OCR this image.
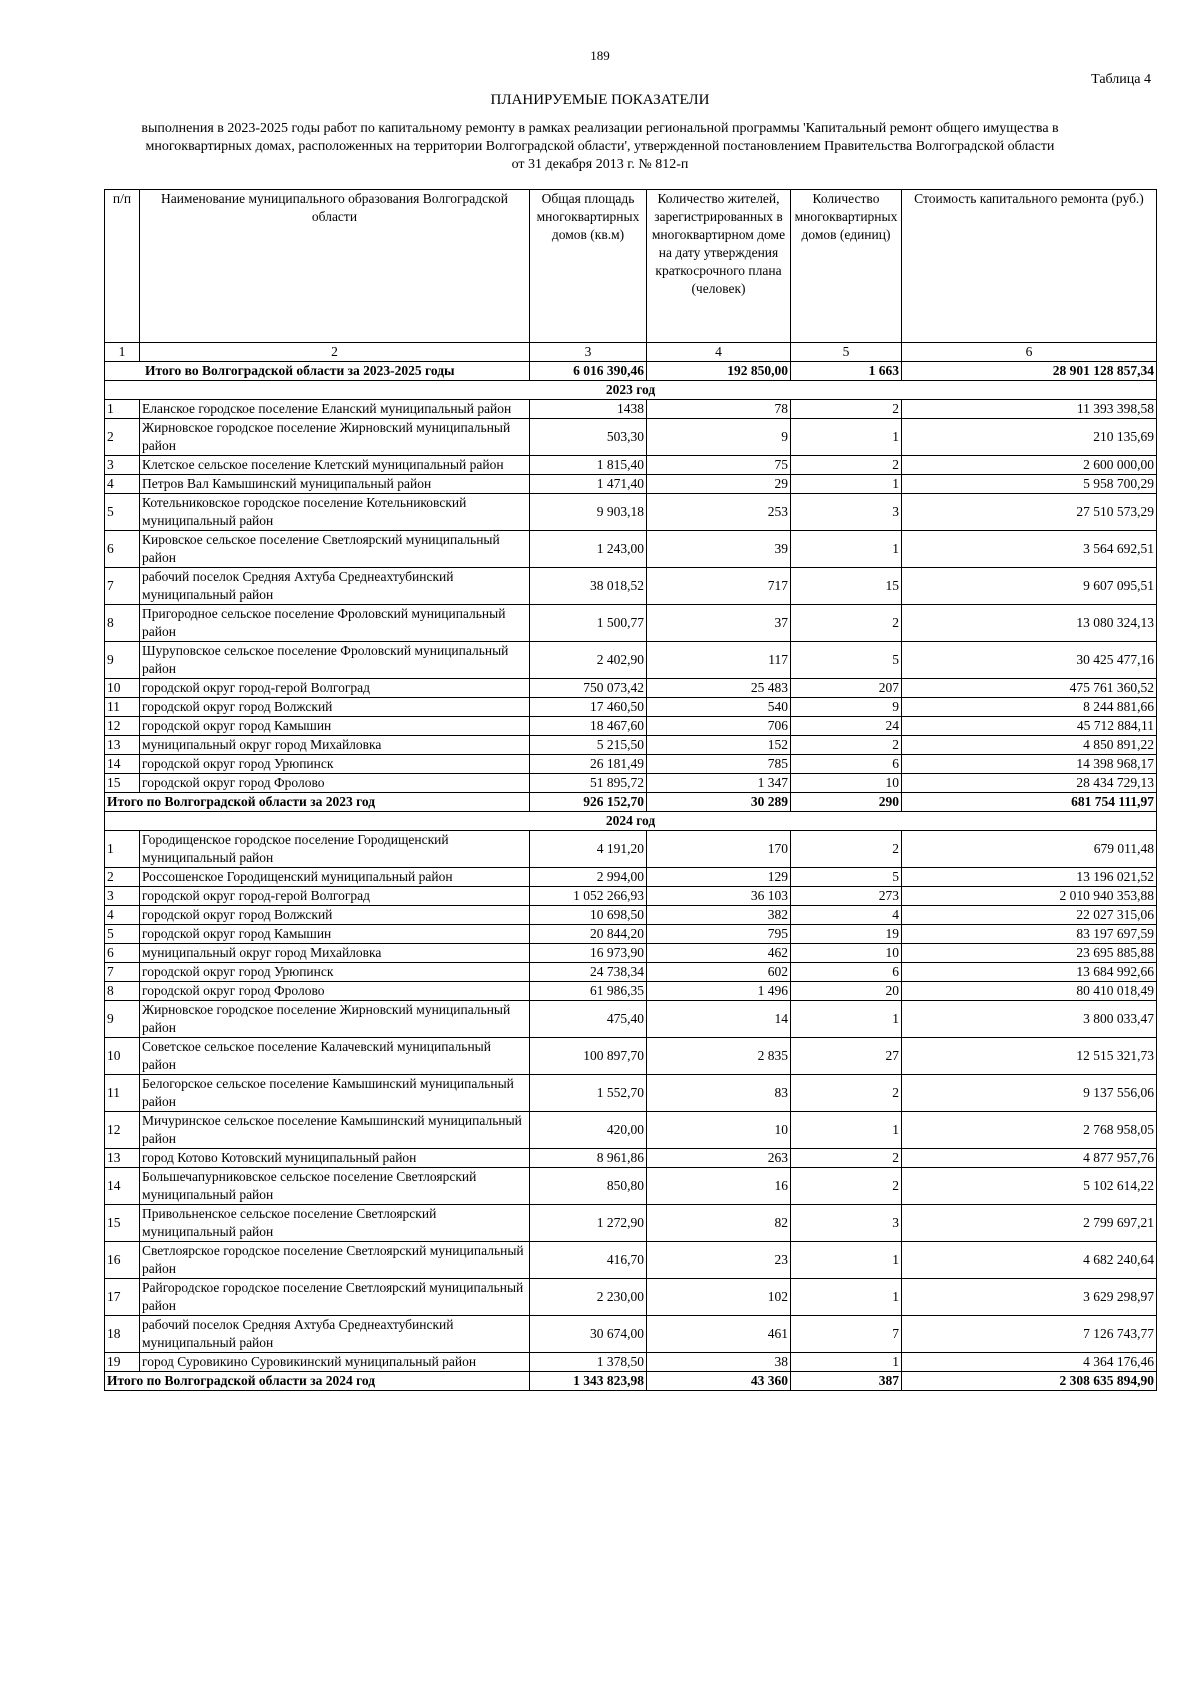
189
Таблица 4
ПЛАНИРУЕМЫЕ ПОКАЗАТЕЛИ
выполнения в 2023-2025 годы работ по капитальному ремонту в рамках реализации региональной программы 'Капитальный ремонт общего имущества в многоквартирных домах, расположенных на территории Волгоградской области', утвержденной постановлением Правительства Волгоградской области от 31 декабря 2013 г. № 812-п
п/п	Наименование муниципального образования Волгоградской области	Общая площадь многоквартирных домов (кв.м)	Количество жителей, зарегистрированных в многоквартирном доме на дату утверждения краткосрочного плана (человек)	Количество многоквартирных домов (единиц)	Стоимость капитального ремонта (руб.)
1	2	3	4	5	6
Итого во Волгоградской области за 2023-2025 годы		6 016 390,46	192 850,00	1 663	28 901 128 857,34
2023 год					
1	Еланское городское поселение Еланский муниципальный район	1438	78	2	11 393 398,58
2	Жирновское городское поселение Жирновский муниципальный район	503,30	9	1	210 135,69
3	Клетское сельское поселение Клетский муниципальный район	1 815,40	75	2	2 600 000,00
4	Петров Вал Камышинский муниципальный район	1 471,40	29	1	5 958 700,29
5	Котельниковское городское поселение Котельниковский муниципальный район	9 903,18	253	3	27 510 573,29
6	Кировское сельское поселение Светлоярский муниципальный район	1 243,00	39	1	3 564 692,51
7	рабочий поселок Средняя Ахтуба Среднеахтубинский муниципальный район	38 018,52	717	15	9 607 095,51
8	Пригородное сельское поселение Фроловский муниципальный район	1 500,77	37	2	13 080 324,13
9	Шуруповское сельское поселение Фроловский муниципальный район	2 402,90	117	5	30 425 477,16
10	городской округ город-герой Волгоград	750 073,42	25 483	207	475 761 360,52
11	городской округ город Волжский	17 460,50	540	9	8 244 881,66
12	городской округ город Камышин	18 467,60	706	24	45 712 884,11
13	муниципальный округ город Михайловка	5 215,50	152	2	4 850 891,22
14	городской округ город Урюпинск	26 181,49	785	6	14 398 968,17
15	городской округ город Фролово	51 895,72	1 347	10	28 434 729,13
Итого по Волгоградской области за 2023 год		926 152,70	30 289	290	681 754 111,97
2024 год					
1	Городищенское городское поселение Городищенский муниципальный район	4 191,20	170	2	679 011,48
2	Россошенское Городищенский муниципальный район	2 994,00	129	5	13 196 021,52
3	городской округ город-герой Волгоград	1 052 266,93	36 103	273	2 010 940 353,88
4	городской округ город Волжский	10 698,50	382	4	22 027 315,06
5	городской округ город Камышин	20 844,20	795	19	83 197 697,59
6	муниципальный округ город Михайловка	16 973,90	462	10	23 695 885,88
7	городской округ город Урюпинск	24 738,34	602	6	13 684 992,66
8	городской округ город Фролово	61 986,35	1 496	20	80 410 018,49
9	Жирновское городское поселение Жирновский муниципальный район	475,40	14	1	3 800 033,47
10	Советское сельское поселение Калачевский муниципальный район	100 897,70	2 835	27	12 515 321,73
11	Белогорское сельское поселение Камышинский муниципальный район	1 552,70	83	2	9 137 556,06
12	Мичуринское сельское поселение Камышинский муниципальный район	420,00	10	1	2 768 958,05
13	город Котово Котовский муниципальный район	8 961,86	263	2	4 877 957,76
14	Большечапурниковское сельское поселение Светлоярский муниципальный район	850,80	16	2	5 102 614,22
15	Привольненское сельское поселение Светлоярский муниципальный район	1 272,90	82	3	2 799 697,21
16	Светлоярское городское поселение Светлоярский муниципальный район	416,70	23	1	4 682 240,64
17	Райгородское городское поселение Светлоярский муниципальный район	2 230,00	102	1	3 629 298,97
18	рабочий поселок Средняя Ахтуба Среднеахтубинский муниципальный район	30 674,00	461	7	7 126 743,77
19	город Суровикино Суровикинский муниципальный район	1 378,50	38	1	4 364 176,46
Итого по Волгоградской области за 2024 год		1 343 823,98	43 360	387	2 308 635 894,90
